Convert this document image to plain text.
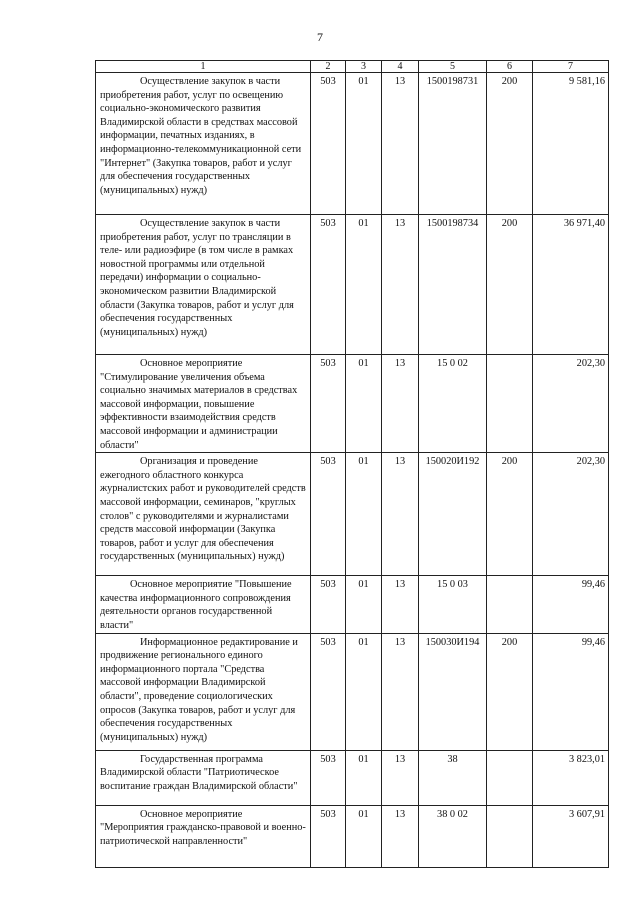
7
1	2	3	4	5	6	7
Осуществление закупок в части приобретения работ, услуг по освещению социально-экономического развития Владимирской области в средствах массовой информации, печатных изданиях, в информационно-телекоммуникационной сети "Интернет" (Закупка товаров, работ и услуг для обеспечения государственных (муниципальных) нужд)	503	01	13	1500198731	200	9 581,16
Осуществление закупок в части приобретения работ, услуг по трансляции в теле- или радиоэфире (в том числе в рамках новостной программы или отдельной передачи) информации о социально-экономическом развитии Владимирской области (Закупка товаров, работ и услуг для обеспечения государственных (муниципальных) нужд)	503	01	13	1500198734	200	36 971,40
Основное мероприятие "Стимулирование увеличения объема социально значимых материалов в средствах массовой информации, повышение эффективности взаимодействия средств массовой информации и администрации области"	503	01	13	15 0 02		202,30
Организация и проведение ежегодного областного конкурса журналистских работ и руководителей средств массовой информации, семинаров, "круглых столов" с руководителями и журналистами средств массовой информации (Закупка товаров, работ и услуг для обеспечения государственных (муниципальных) нужд)	503	01	13	150020И192	200	202,30
Основное мероприятие "Повышение качества информационного сопровождения деятельности органов государственной власти"	503	01	13	15 0 03		99,46
Информационное редактирование и продвижение регионального единого информационного портала "Средства массовой информации Владимирской области", проведение социологических опросов (Закупка товаров, работ и услуг для обеспечения государственных (муниципальных) нужд)	503	01	13	150030И194	200	99,46
Государственная программа Владимирской области "Патриотическое воспитание граждан Владимирской области"	503	01	13	38		3 823,01
Основное мероприятие "Мероприятия гражданско-правовой и военно-патриотической направленности"	503	01	13	38 0 02		3 607,91
